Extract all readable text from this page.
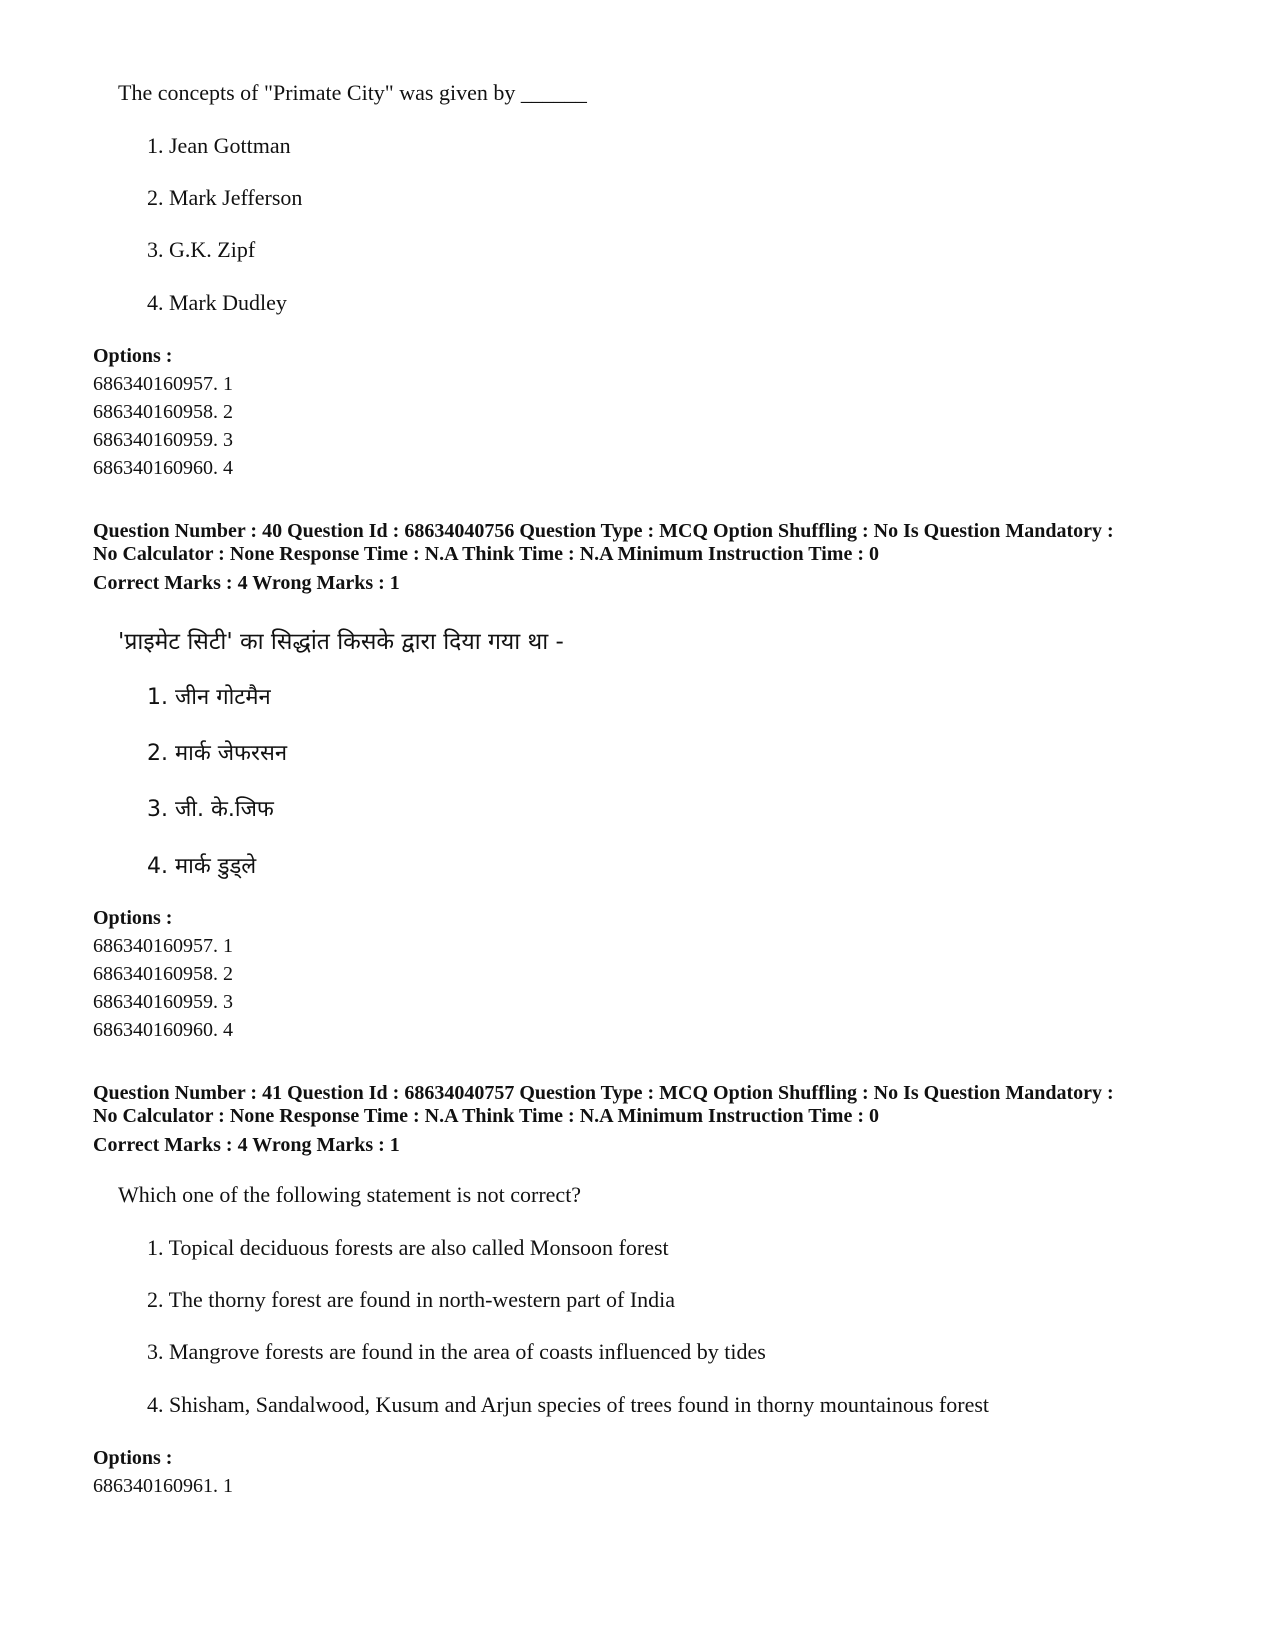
The concepts of "Primate City" was given by ______
1. Jean Gottman
2. Mark Jefferson
3. G.K. Zipf
4. Mark Dudley
Options :
686340160957. 1
686340160958. 2
686340160959. 3
686340160960. 4
Question Number : 40 Question Id : 68634040756 Question Type : MCQ Option Shuffling : No Is Question Mandatory :
No Calculator : None Response Time : N.A Think Time : N.A Minimum Instruction Time : 0
Correct Marks : 4 Wrong Marks : 1
'प्राइमेट सिटी' का सिद्धांत किसके द्वारा दिया गया था -
1. जीन गोटमैन
2. मार्क जेफरसन
3. जी. के.जिफ
4. मार्क डुड्ले
Options :
686340160957. 1
686340160958. 2
686340160959. 3
686340160960. 4
Question Number : 41 Question Id : 68634040757 Question Type : MCQ Option Shuffling : No Is Question Mandatory :
No Calculator : None Response Time : N.A Think Time : N.A Minimum Instruction Time : 0
Correct Marks : 4 Wrong Marks : 1
Which one of the following statement is not correct?
1. Topical deciduous forests are also called Monsoon forest
2. The thorny forest are found in north-western part of India
3. Mangrove forests are found in the area of coasts influenced by tides
4. Shisham, Sandalwood, Kusum and Arjun species of trees found in thorny mountainous forest
Options :
686340160961. 1
